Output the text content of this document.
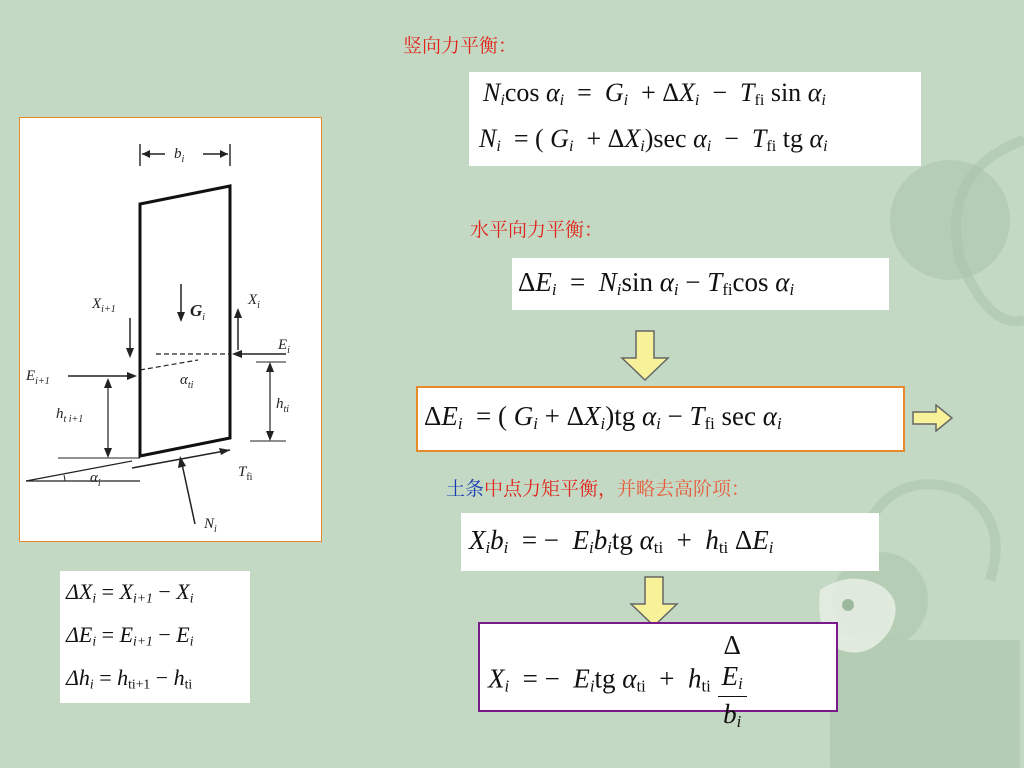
竖向力平衡：
$b_i$
$\alpha_i$
$G_i$
$X_i$
$X_{i+1}$
$E_i$
$E_{i+1}$	$\alpha_{ti}$
$h_{ti}$
$h_{t i+1}$
$T_{fi}$
$N_i$
$\Delta X_i = X_{i+1} - X_i$
$\Delta E_i = E_{i+1} - E_i$
$\Delta h_i = h_{ti+1} - h_{ti}$
$N_i\cos$ $\alpha_i = G_i + \Delta X_i - T_{fi}$ $\sin \alpha_i$
$N_i$ = ( $G_i + \Delta X_i)\sec$ $\alpha_i - T_{fi}$ tg $\alpha_i$
水平向力平衡：
$\Delta E_i = N_i\sin$ $\alpha_i - T_{fi}\cos$ $\alpha_i$
$\Delta E_i$ = ( $G_i + \Delta X_i)tg$ $\alpha_i - T_{fi}$ $\sec \alpha_i$
土条中点力矩平衡，并略去高阶项：
$X_ib_i$ = − $E_ib_itg$ $\alpha_{ti} + h_{ti}$ $\Delta E_i$
$X_i$ = − $E_itg$ $\alpha_{ti} + h_{ti}$ Δ
$E_i$
$b_i$
